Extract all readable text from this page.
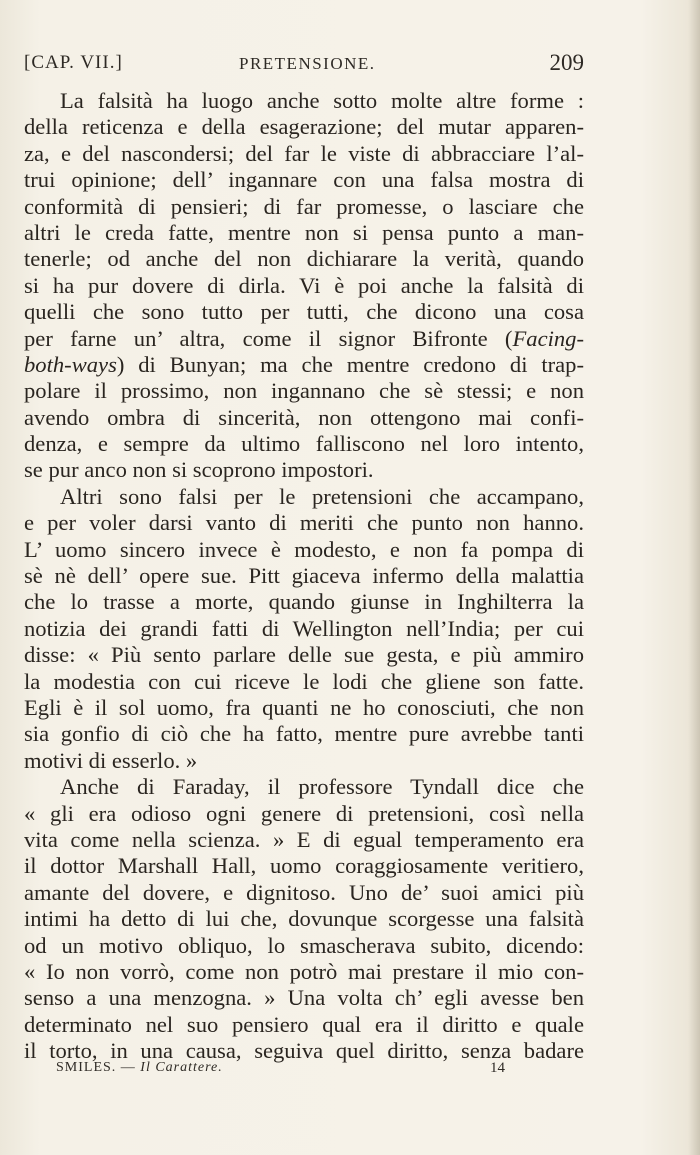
[CAP. VII.]	PRETENSIONE.	209
La falsità ha luogo anche sotto molte altre forme :
della reticenza e della esagerazione; del mutar apparen-
za, e del nascondersi; del far le viste di abbracciare l’al-
trui opinione; dell’ ingannare con una falsa mostra di
conformità di pensieri; di far promesse, o lasciare che
altri le creda fatte, mentre non si pensa punto a man-
tenerle; od anche del non dichiarare la verità, quando
si ha pur dovere di dirla. Vi è poi anche la falsità di
quelli che sono tutto per tutti, che dicono una cosa
per farne un’ altra, come il signor Bifronte (Facing-
both-ways) di Bunyan; ma che mentre credono di trap-
polare il prossimo, non ingannano che sè stessi; e non
avendo ombra di sincerità, non ottengono mai confi-
denza, e sempre da ultimo falliscono nel loro intento,
se pur anco non si scoprono impostori.
Altri sono falsi per le pretensioni che accampano,
e per voler darsi vanto di meriti che punto non hanno.
L’ uomo sincero invece è modesto, e non fa pompa di
sè nè dell’ opere sue. Pitt giaceva infermo della malattia
che lo trasse a morte, quando giunse in Inghilterra la
notizia dei grandi fatti di Wellington nell’India; per cui
disse: « Più sento parlare delle sue gesta, e più ammiro
la modestia con cui riceve le lodi che gliene son fatte.
Egli è il sol uomo, fra quanti ne ho conosciuti, che non
sia gonfio di ciò che ha fatto, mentre pure avrebbe tanti
motivi di esserlo. »
Anche di Faraday, il professore Tyndall dice che
« gli era odioso ogni genere di pretensioni, così nella
vita come nella scienza. » E di egual temperamento era
il dottor Marshall Hall, uomo coraggiosamente veritiero,
amante del dovere, e dignitoso. Uno de’ suoi amici più
intimi ha detto di lui che, dovunque scorgesse una falsità
od un motivo obliquo, lo smascherava subito, dicendo:
« Io non vorrò, come non potrò mai prestare il mio con-
senso a una menzogna. » Una volta ch’ egli avesse ben
determinato nel suo pensiero qual era il diritto e quale
il torto, in una causa, seguiva quel diritto, senza badare
SMILES. — Il Carattere.	14
